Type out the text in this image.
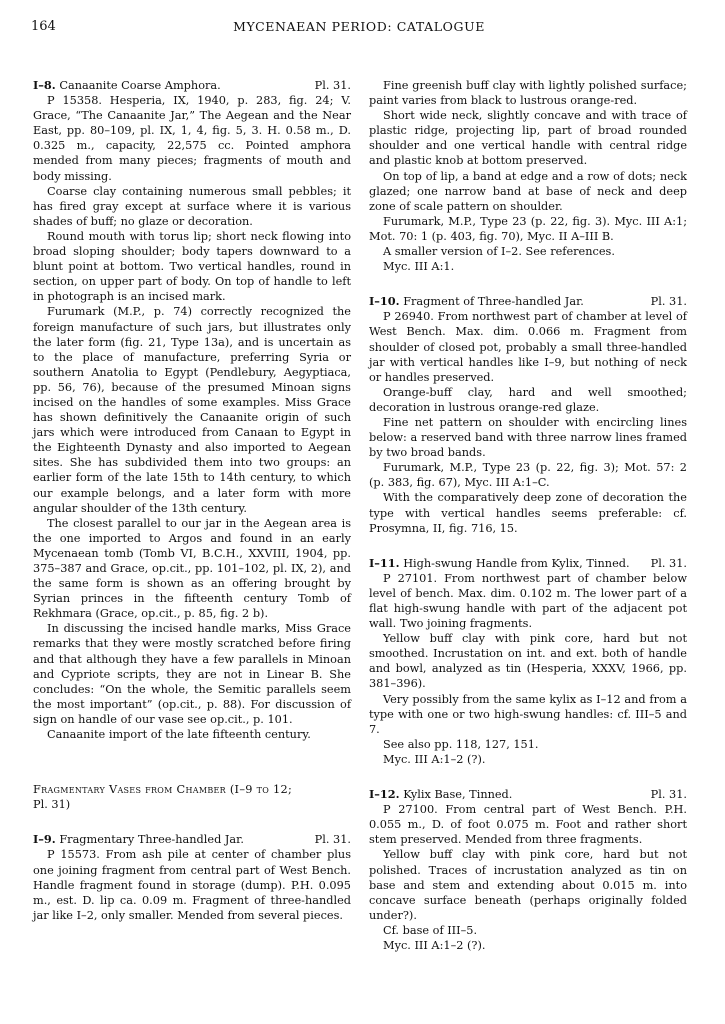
164	MYCENAEAN PERIOD: CATALOGUE
I–8. Canaanite Coarse Amphora.	Pl. 31.

P 15358. Hesperia, IX, 1940, p. 283, fig. 24; V. Grace, “The Canaanite Jar,” The Aegean and the Near East, pp. 80–109, pl. IX, 1, 4, fig. 5, 3. H. 0.58 m., D. 0.325 m., capacity, 22,575 cc. Pointed amphora mended from many pieces; fragments of mouth and body missing.

Coarse clay containing numerous small pebbles; it has fired gray except at surface where it is various shades of buff; no glaze or decoration.

Round mouth with torus lip; short neck flowing into broad sloping shoulder; body tapers downward to a blunt point at bottom. Two vertical handles, round in section, on upper part of body. On top of handle to left in photograph is an incised mark.

Furumark (M.P., p. 74) correctly recognized the foreign manufacture of such jars, but illustrates only the later form (fig. 21, Type 13a), and is uncertain as to the place of manufacture, preferring Syria or southern Anatolia to Egypt (Pendlebury, Aegyptiaca, pp. 56, 76), because of the presumed Minoan signs incised on the handles of some examples. Miss Grace has shown definitively the Canaanite origin of such jars which were introduced from Canaan to Egypt in the Eighteenth Dynasty and also imported to Aegean sites. She has subdivided them into two groups: an earlier form of the late 15th to 14th century, to which our example belongs, and a later form with more angular shoulder of the 13th century.

The closest parallel to our jar in the Aegean area is the one imported to Argos and found in an early Mycenaean tomb (Tomb VI, B.C.H., XXVIII, 1904, pp. 375–387 and Grace, op.cit., pp. 101–102, pl. IX, 2), and the same form is shown as an offering brought by Syrian princes in the fifteenth century Tomb of Rekhmara (Grace, op.cit., p. 85, fig. 2 b).

In discussing the incised handle marks, Miss Grace remarks that they were mostly scratched before firing and that although they have a few parallels in Minoan and Cypriote scripts, they are not in Linear B. She concludes: “On the whole, the Semitic parallels seem the most important” (op.cit., p. 88). For discussion of sign on handle of our vase see op.cit., p. 101.

Canaanite import of the late fifteenth century.

Fragmentary Vases from Chamber (I–9 to 12;

Pl. 31)

I–9. Fragmentary Three-handled Jar.	Pl. 31.

P 15573. From ash pile at center of chamber plus one joining fragment from central part of West Bench. Handle fragment found in storage (dump). P.H. 0.095 m., est. D. lip ca. 0.09 m. Fragment of three-handled jar like I–2, only smaller. Mended from several pieces.

Fine greenish buff clay with lightly polished surface; paint varies from black to lustrous orange-red.

Short wide neck, slightly concave and with trace of plastic ridge, projecting lip, part of broad rounded shoulder and one vertical handle with central ridge and plastic knob at bottom preserved.

On top of lip, a band at edge and a row of dots; neck glazed; one narrow band at base of neck and deep zone of scale pattern on shoulder.

Furumark, M.P., Type 23 (p. 22, fig. 3). Myc. III A:1; Mot. 70: 1 (p. 403, fig. 70), Myc. II A–III B.

A smaller version of I–2. See references.

Myc. III A:1.

I–10. Fragment of Three-handled Jar.	Pl. 31.

P 26940. From northwest part of chamber at level of West Bench. Max. dim. 0.066 m. Fragment from shoulder of closed pot, probably a small three-handled jar with vertical handles like I–9, but nothing of neck or handles preserved.

Orange-buff clay, hard and well smoothed; decoration in lustrous orange-red glaze.

Fine net pattern on shoulder with encircling lines below: a reserved band with three narrow lines framed by two broad bands.

Furumark, M.P., Type 23 (p. 22, fig. 3); Mot. 57: 2 (p. 383, fig. 67), Myc. III A:1–C.

With the comparatively deep zone of decoration the type with vertical handles seems preferable: cf. Prosymna, II, fig. 716, 15.

I–11. High-swung Handle from Kylix, Tinned. Pl. 31.

P 27101. From northwest part of chamber below level of bench. Max. dim. 0.102 m. The lower part of a flat high-swung handle with part of the adjacent pot wall. Two joining fragments.

Yellow buff clay with pink core, hard but not smoothed. Incrustation on int. and ext. both of handle and bowl, analyzed as tin (Hesperia, XXXV, 1966, pp. 381–396).

Very possibly from the same kylix as I–12 and from a type with one or two high-swung handles: cf. III–5 and 7.

See also pp. 118, 127, 151.

Myc. III A:1–2 (?).

I–12. Kylix Base, Tinned.	Pl. 31.

P 27100. From central part of West Bench. P.H. 0.055 m., D. of foot 0.075 m. Foot and rather short stem preserved. Mended from three fragments.

Yellow buff clay with pink core, hard but not polished. Traces of incrustation analyzed as tin on base and stem and extending about 0.015 m. into concave surface beneath (perhaps originally folded under?).

Cf. base of III–5.

Myc. III A:1–2 (?).
